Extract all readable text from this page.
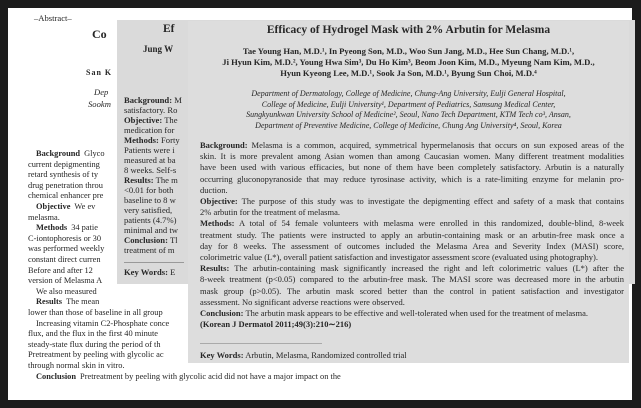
–Abstract–
Co
San K
Dep
Sookm
Background Glyco
current depigmenting
retard synthesis of ty
drug penetration throu
chemical enhancer pre
Objective We ev
melasma.
Methods 34 patie
C-iontophoresis or 30
was performed weekly
constant direct curren
Before and after 12
version of Melasma A
We also measured
Results The mean
lower than those of baseline in all group
Increasing vitamin C2-Phosphate conce
flux, and the flux in the first 40 minute
steady-state flux during the period of th
Pretreatment by peeling with glycolic ac
through normal skin in vitro.
Conclusion Pretreatment by peeling with glycolic acid did not have a major impact on the
Ef
Jung W
Background: M
satisfactory. Ro
Objective: The
medication for
Methods: Forty
Patients were i
measured at ba
8 weeks. Self-s
Results: The m
<0.01 for both
baseline to 8 w
very satisfied,
patients (4.7%)
minimal and tw
Conclusion: Tl
treatment of m
Key Words: E
Efficacy of Hydrogel Mask with 2% Arbutin for Melasma
Tae Young Han, M.D.¹, In Pyeong Son, M.D., Woo Sun Jang, M.D., Hee Sun Chang, M.D.¹,
Ji Hyun Kim, M.D.², Young Hwa Sim³, Du Ho Kim³, Beom Joon Kim, M.D., Myeung Nam Kim, M.D.,
Hyun Kyeong Lee, M.D.¹, Sook Ja Son, M.D.¹, Byung Sun Choi, M.D.⁴
Department of Dermatology, College of Medicine, Chung-Ang University, Eulji General Hospital,
College of Medicine, Eulji University¹, Department of Pediatrics, Samsung Medical Center,
Sungkyunkwan University School of Medicine², Seoul, Nano Tech Department, KTM Tech co³, Ansan,
Department of Preventive Medicine, College of Medicine, Chung Ang University⁴, Seoul, Korea
Background: Melasma is a common, acquired, symmetrical hypermelanosis that occurs on sun exposed areas of the
skin. It is more prevalent among Asian women than among Caucasian women. Many different treatment modalities
have been used with various efficacies, but none of them have been completely satisfactory. Arbutin is a naturally
occurring gluconopyranoside that may reduce tyrosinase activity, which is a rate-limiting enzyme for melanin pro-
duction.
Objective: The purpose of this study was to investigate the depigmenting effect and safety of a mask that contains
2% arbutin for the treatment of melasma.
Methods: A total of 54 female volunteers with melasma were enrolled in this randomized, double-blind, 8-week
treatment study. The patients were instructed to apply an arbutin-containing mask or an arbutin-free mask once a
day for 8 weeks. The assessment of outcomes included the Melasma Area and Severity Index (MASI) score,
colorimetric value (L*), overall patient satisfaction and investigator assessment score (evaluated using photography).
Results: The arbutin-containing mask significantly increased the right and left colorimetric values (L*) after the
8-week treatment (p<0.05) compared to the arbutin-free mask. The MASI score was decreased more in the arbutin
mask group (p>0.05). The arbutin mask scored better than the control in patient satisfaction and investigator
assessment. No significant adverse reactions were observed.
Conclusion: The arbutin mask appears to be effective and well-tolerated when used for the treatment of melasma.
(Korean J Dermatol 2011;49(3):210∼216)
Key Words: Arbutin, Melasma, Randomized controlled trial
